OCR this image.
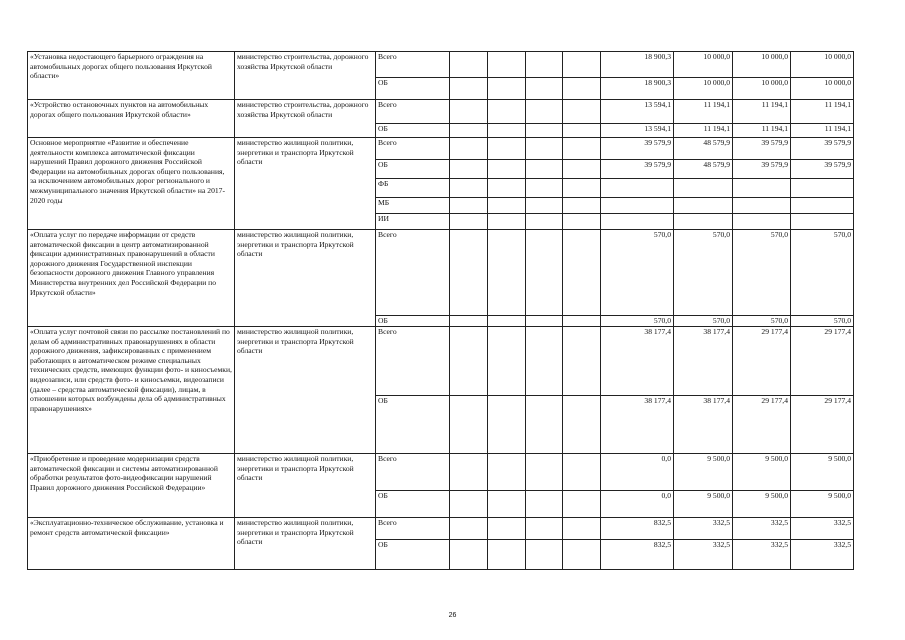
«Установка недостающего барьерного ограждения на автомобильных дорогах общего пользования Иркутской области»	министерство строительства, дорожного хозяйства Иркутской области	Всего					18 900,3	10 000,0	10 000,0	10 000,0
		ОБ					18 900,3	10 000,0	10 000,0	10 000,0
«Устройство остановочных пунктов на автомобильных дорогах общего пользования Иркутской области»	министерство строительства, дорожного хозяйства Иркутской области	Всего					13 594,1	11 194,1	11 194,1	11 194,1
		ОБ					13 594,1	11 194,1	11 194,1	11 194,1
Основное мероприятие «Развитие и обеспечение деятельности комплекса автоматической фиксации нарушений Правил дорожного движения Российской Федерации на автомобильных дорогах общего пользования, за исключением автомобильных дорог регионального и межмуниципального значения Иркутской области» на 2017-2020 годы	министерство жилищной политики, энергетики и транспорта Иркутской области	Всего					39 579,9	48 579,9	39 579,9	39 579,9
		ОБ					39 579,9	48 579,9	39 579,9	39 579,9
		ФБ								
		МБ								
		ИИ								
«Оплата услуг по передаче информации от средств автоматической фиксации в центр автоматизированной фиксации административных правонарушений в области дорожного движения Государственной инспекции безопасности дорожного движения Главного управления Министерства внутренних дел Российской Федерации по Иркутской области»	министерство жилищной политики, энергетики и транспорта Иркутской области	Всего					570,0	570,0	570,0	570,0
		ОБ					570,0	570,0	570,0	570,0
«Оплата услуг почтовой связи по рассылке постановлений по делам об административных правонарушениях в области дорожного движения, зафиксированных с применением работающих в автоматическом режиме специальных технических средств, имеющих функции фото- и киносъемки, видеозаписи, или средств фото- и киносъемки, видеозаписи (далее – средства автоматической фиксации), лицам, в отношении которых возбуждены дела об административных правонарушениях»	министерство жилищной политики, энергетики и транспорта Иркутской области	Всего					38 177,4	38 177,4	29 177,4	29 177,4
		ОБ					38 177,4	38 177,4	29 177,4	29 177,4
«Приобретение и проведение модернизации средств автоматической фиксации и системы автоматизированной обработки результатов фото-видеофиксации нарушений Правил дорожного движения Российской Федерации»	министерство жилищной политики, энергетики и транспорта Иркутской области	Всего					0,0	9 500,0	9 500,0	9 500,0
		ОБ					0,0	9 500,0	9 500,0	9 500,0
«Эксплуатационно-техническое обслуживание, установка и ремонт средств автоматической фиксации»	министерство жилищной политики, энергетики и транспорта Иркутской области	Всего					832,5	332,5	332,5	332,5
		ОБ					832,5	332,5	332,5	332,5
26
